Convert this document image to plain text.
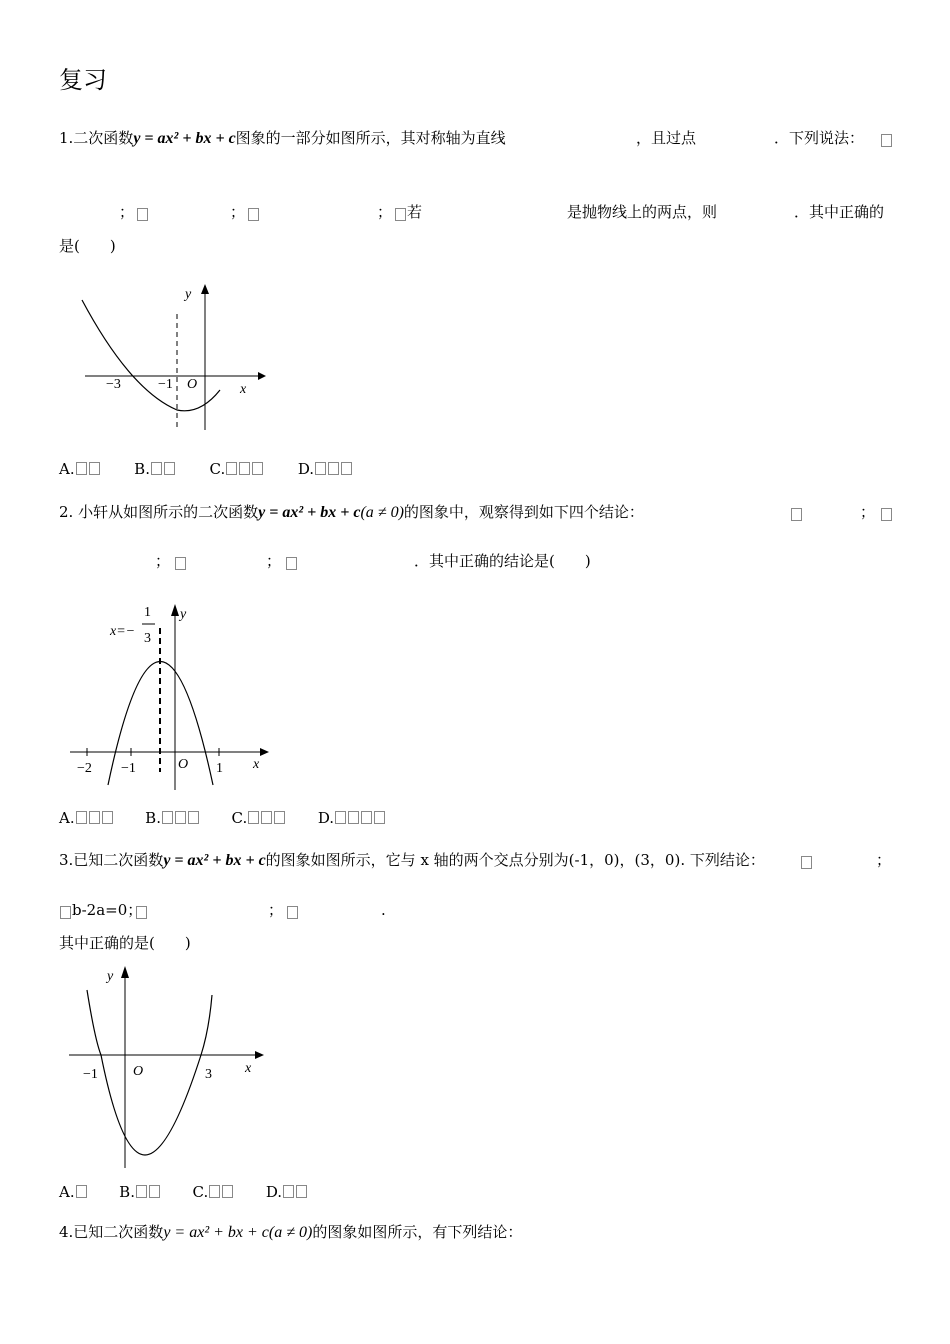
复习
1.二次函数y = ax² + bx + c图象的一部分如图所示，其对称轴为直线	，且过点	．下列说法：
；	；	； 若	是抛物线上的两点，则	．其中正确的
是(　　)
y
x
−3	−1 O
A.	B.	C.	D.
2. 小轩从如图所示的二次函数y = ax² + bx + c(a ≠ 0)的图象中，观察得到如下四个结论：	；
；	；	．其中正确的结论是(　　)
x=−
1
3
y
x
−2 −1	O 1
A.	B.	C.	D.
3.已知二次函数y = ax² + bx + c的图象如图所示，它与 x 轴的两个交点分别为(-1，0)，(3，0). 下列结论：	；
b-2a=0；	；	.
其中正确的是(　　)
y
x
−1	O	3
A.	B.	C.	D.
4.已知二次函数y = ax² + bx + c(a ≠ 0)的图象如图所示，有下列结论：
